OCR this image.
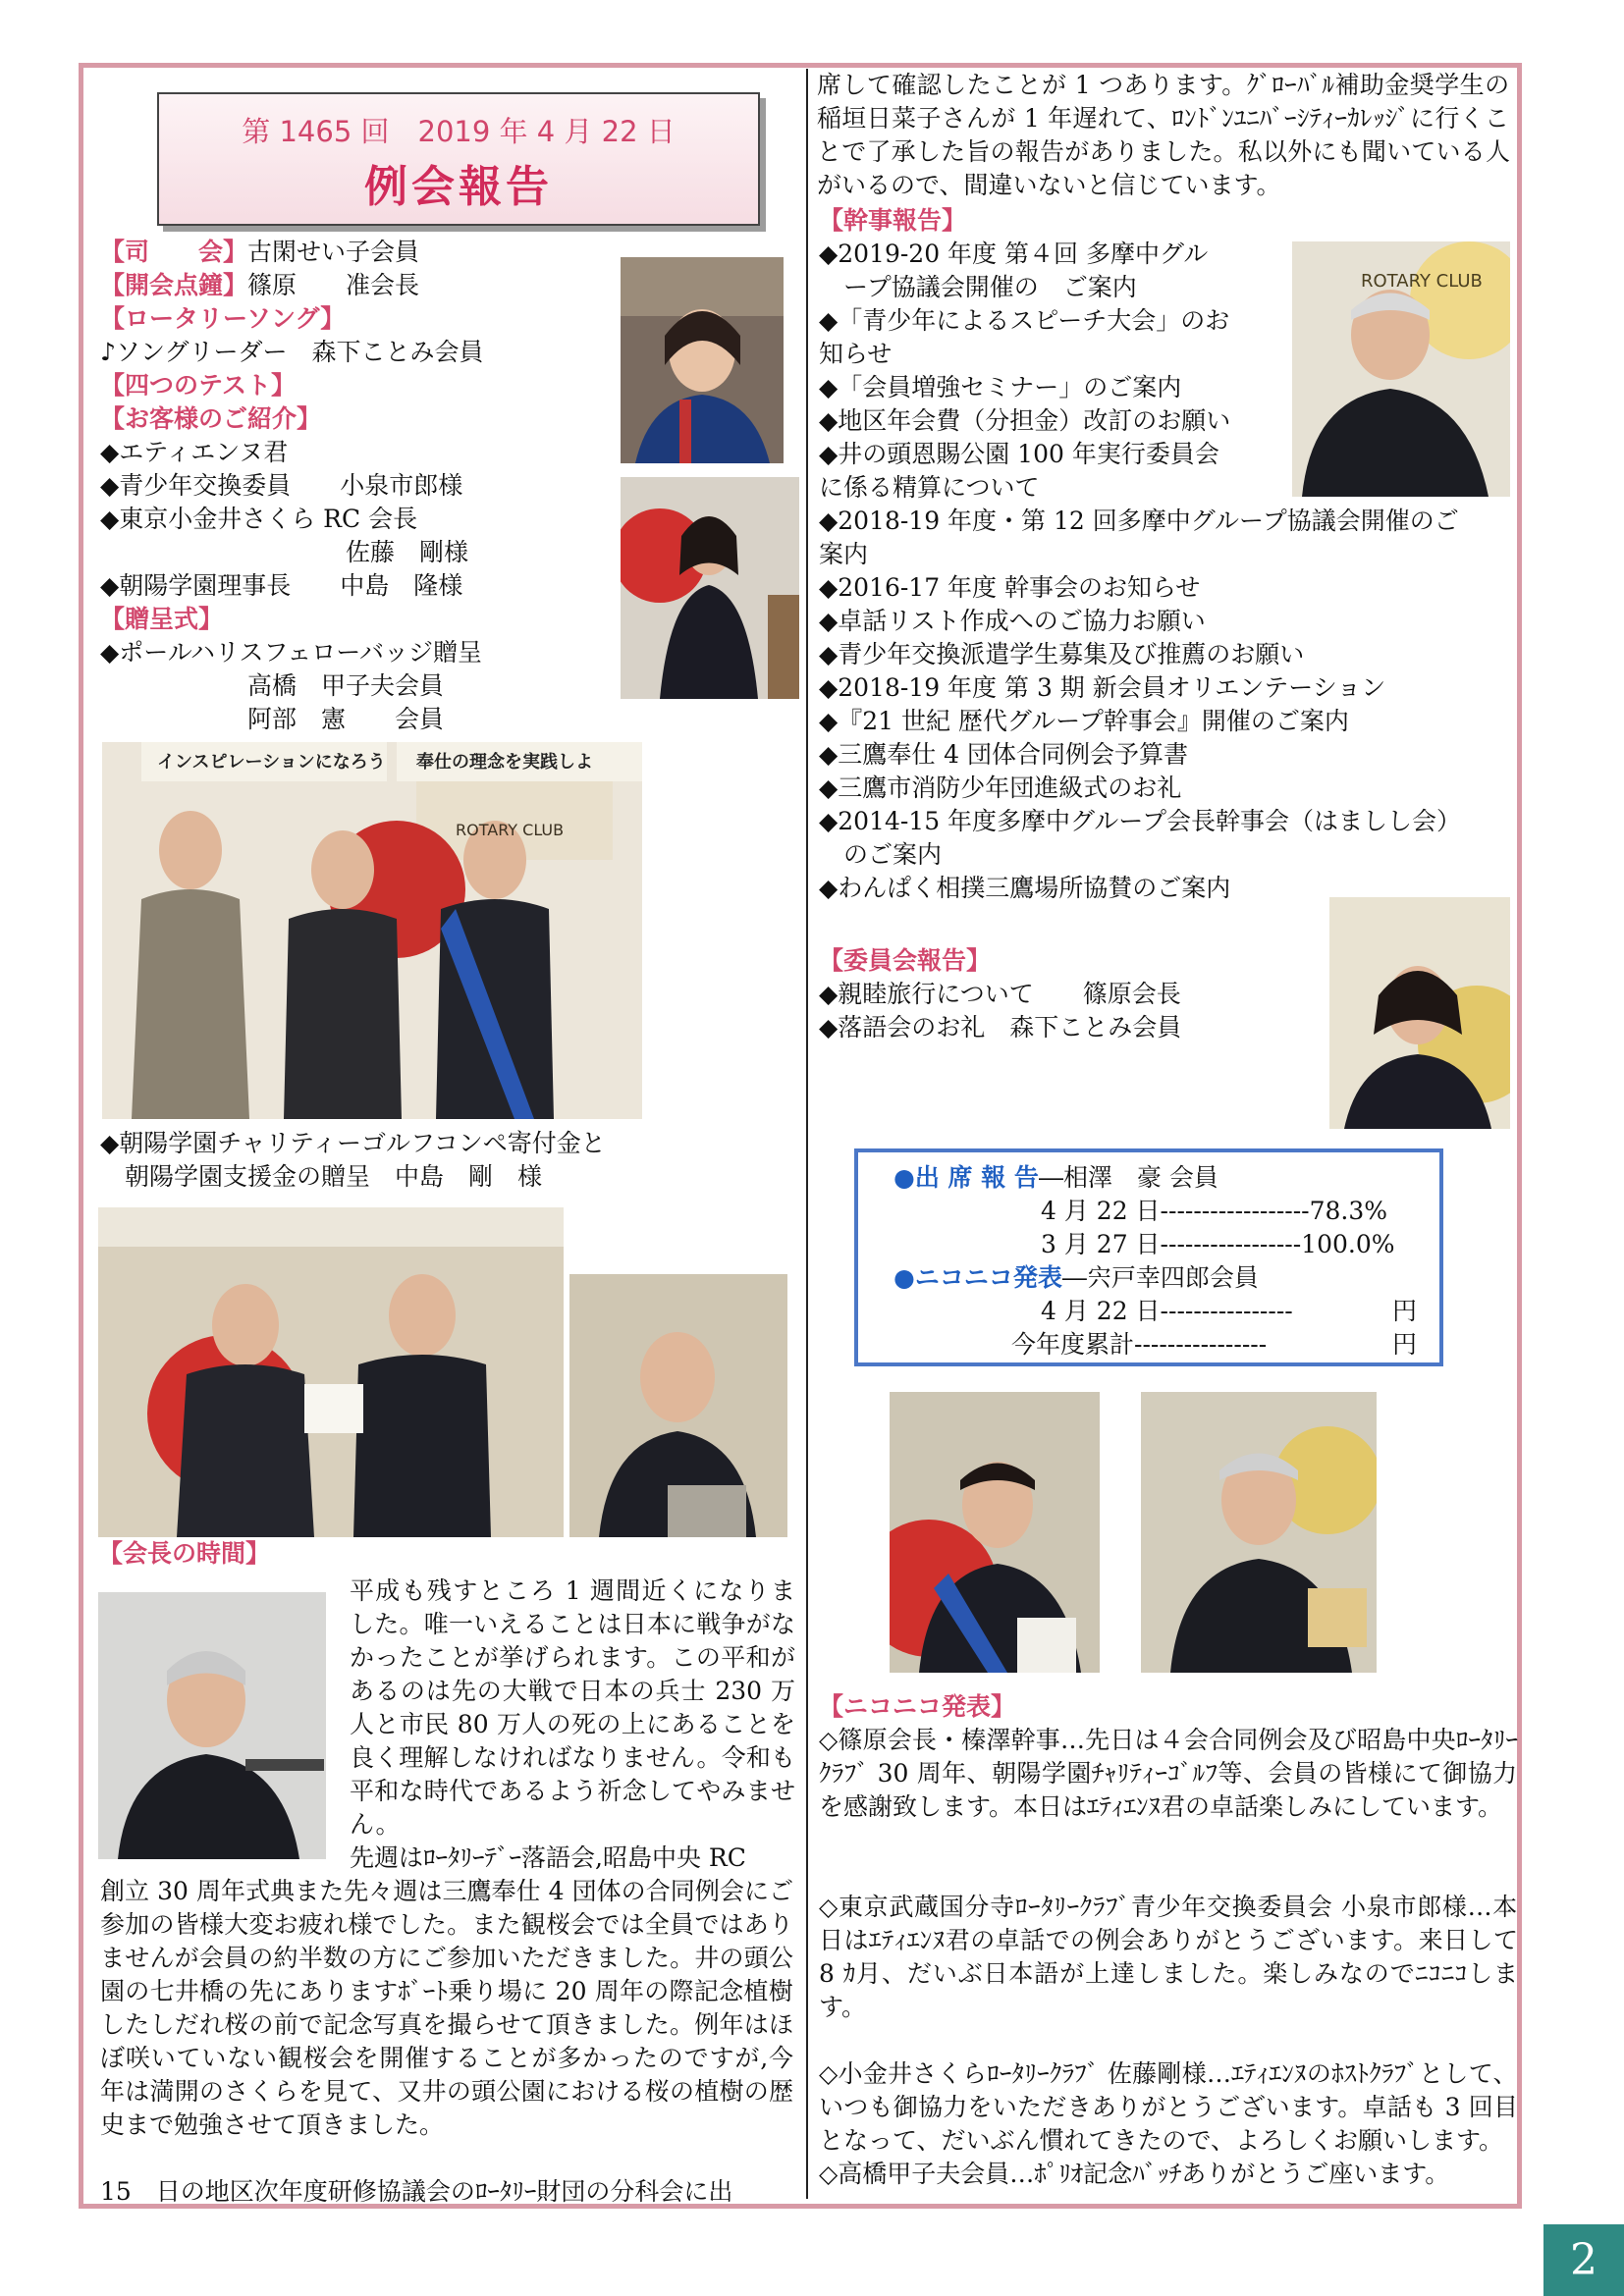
第 1465 回　2019 年 4 月 22 日
例会報告
【司　　会】古閑せい子会員
【開会点鐘】篠原　　准会長
【ロータリーソング】
♪ソングリーダー　森下ことみ会員
【四つのテスト】
【お客様のご紹介】
◆エティエンヌ君
◆青少年交換委員　　小泉市郎様
◆東京小金井さくら RC 会長
　　　　　　　　　　佐藤　剛様
◆朝陽学園理事長　　中島　隆様
【贈呈式】
◆ポールハリスフェローバッジ贈呈
　　　　　　高橋　甲子夫会員
　　　　　　阿部　憲　　会員
インスピレーションになろう 奉仕の理念を実践しよ
ROTARY CLUB
◆朝陽学園チャリティーゴルフコンペ寄付金と
　朝陽学園支援金の贈呈　中島　剛　様
【会長の時間】
平成も残すところ 1 週間近くになりました。唯一いえることは日本に戦争がなかったことが挙げられます。この平和があるのは先の大戦で日本の兵士 230 万人と市民 80 万人の死の上にあることを良く理解しなければなりません。令和も平和な時代であるよう祈念してやみません。
先週はﾛｰﾀﾘｰﾃﾞｰ落語会,昭島中央 RC
創立 30 周年式典また先々週は三鷹奉仕 4 団体の合同例会にご参加の皆様大変お疲れ様でした。また観桜会では全員ではありませんが会員の約半数の方にご参加いただきました。井の頭公園の七井橋の先にありますﾎﾞｰﾄ乗り場に 20 周年の際記念植樹したしだれ桜の前で記念写真を撮らせて頂きました。例年はほぼ咲いていない観桜会を開催することが多かったのですが,今年は満開のさくらを見て、又井の頭公園における桜の植樹の歴史まで勉強させて頂きました。
15　日の地区次年度研修協議会のﾛｰﾀﾘｰ財団の分科会に出
席して確認したことが 1 つあります。ｸﾞﾛｰﾊﾞﾙ補助金奨学生の稲垣日菜子さんが 1 年遅れて、ﾛﾝﾄﾞﾝﾕﾆﾊﾞｰｼﾃｨｰｶﾚｯｼﾞに行くことで了承した旨の報告がありました。私以外にも聞いている人がいるので、間違いないと信じています。
【幹事報告】
◆2019-20 年度 第４回 多摩中グル
　ープ協議会開催の　ご案内
◆「青少年によるスピーチ大会」のお
知らせ
◆「会員増強セミナー」のご案内
◆地区年会費（分担金）改訂のお願い
◆井の頭恩賜公園 100 年実行委員会
に係る精算について
◆2018-19 年度・第 12 回多摩中グループ協議会開催のご
案内
◆2016-17 年度 幹事会のお知らせ
◆卓話リスト作成へのご協力お願い
◆青少年交換派遣学生募集及び推薦のお願い
◆2018-19 年度 第 3 期 新会員オリエンテーション
◆『21 世紀 歴代グループ幹事会』開催のご案内
◆三鷹奉仕 4 団体合同例会予算書
◆三鷹市消防少年団進級式のお礼
◆2014-15 年度多摩中グループ会長幹事会（はましし会）
　のご案内
◆わんぱく相撲三鷹場所協賛のご案内
ROTARY CLUB
【委員会報告】
◆親睦旅行について　　篠原会長
◆落語会のお礼　森下ことみ会員
●出 席 報 告―相澤　豪 会員
4 月 22 日------------------78.3%
3 月 27 日-----------------100.0%
●ニコニコ発表―宍戸幸四郎会員
4 月 22 日----------------	円
今年度累計----------------	円
【ニコニコ発表】
◇篠原会長・榛澤幹事…先日は４会合同例会及び昭島中央ﾛｰﾀﾘｰｸﾗﾌﾞ 30 周年、朝陽学園ﾁｬﾘﾃｨｰｺﾞﾙﾌ等、会員の皆様にて御協力を感謝致します。本日はｴﾃｨｴﾝﾇ君の卓話楽しみにしています。
◇東京武蔵国分寺ﾛｰﾀﾘｰｸﾗﾌﾞ青少年交換委員会 小泉市郎様…本日はｴﾃｨｴﾝﾇ君の卓話での例会ありがとうございます。来日して 8 ｶ月、だいぶ日本語が上達しました。楽しみなのでﾆｺﾆｺします。
◇小金井さくらﾛｰﾀﾘｰｸﾗﾌﾞ 佐藤剛様…ｴﾃｨｴﾝﾇのﾎｽﾄｸﾗﾌﾞとして、いつも御協力をいただきありがとうございます。卓話も 3 回目となって、だいぶん慣れてきたので、よろしくお願いします。
◇高橋甲子夫会員…ﾎﾟﾘｵ記念ﾊﾞｯﾁありがとうご座います。
2
